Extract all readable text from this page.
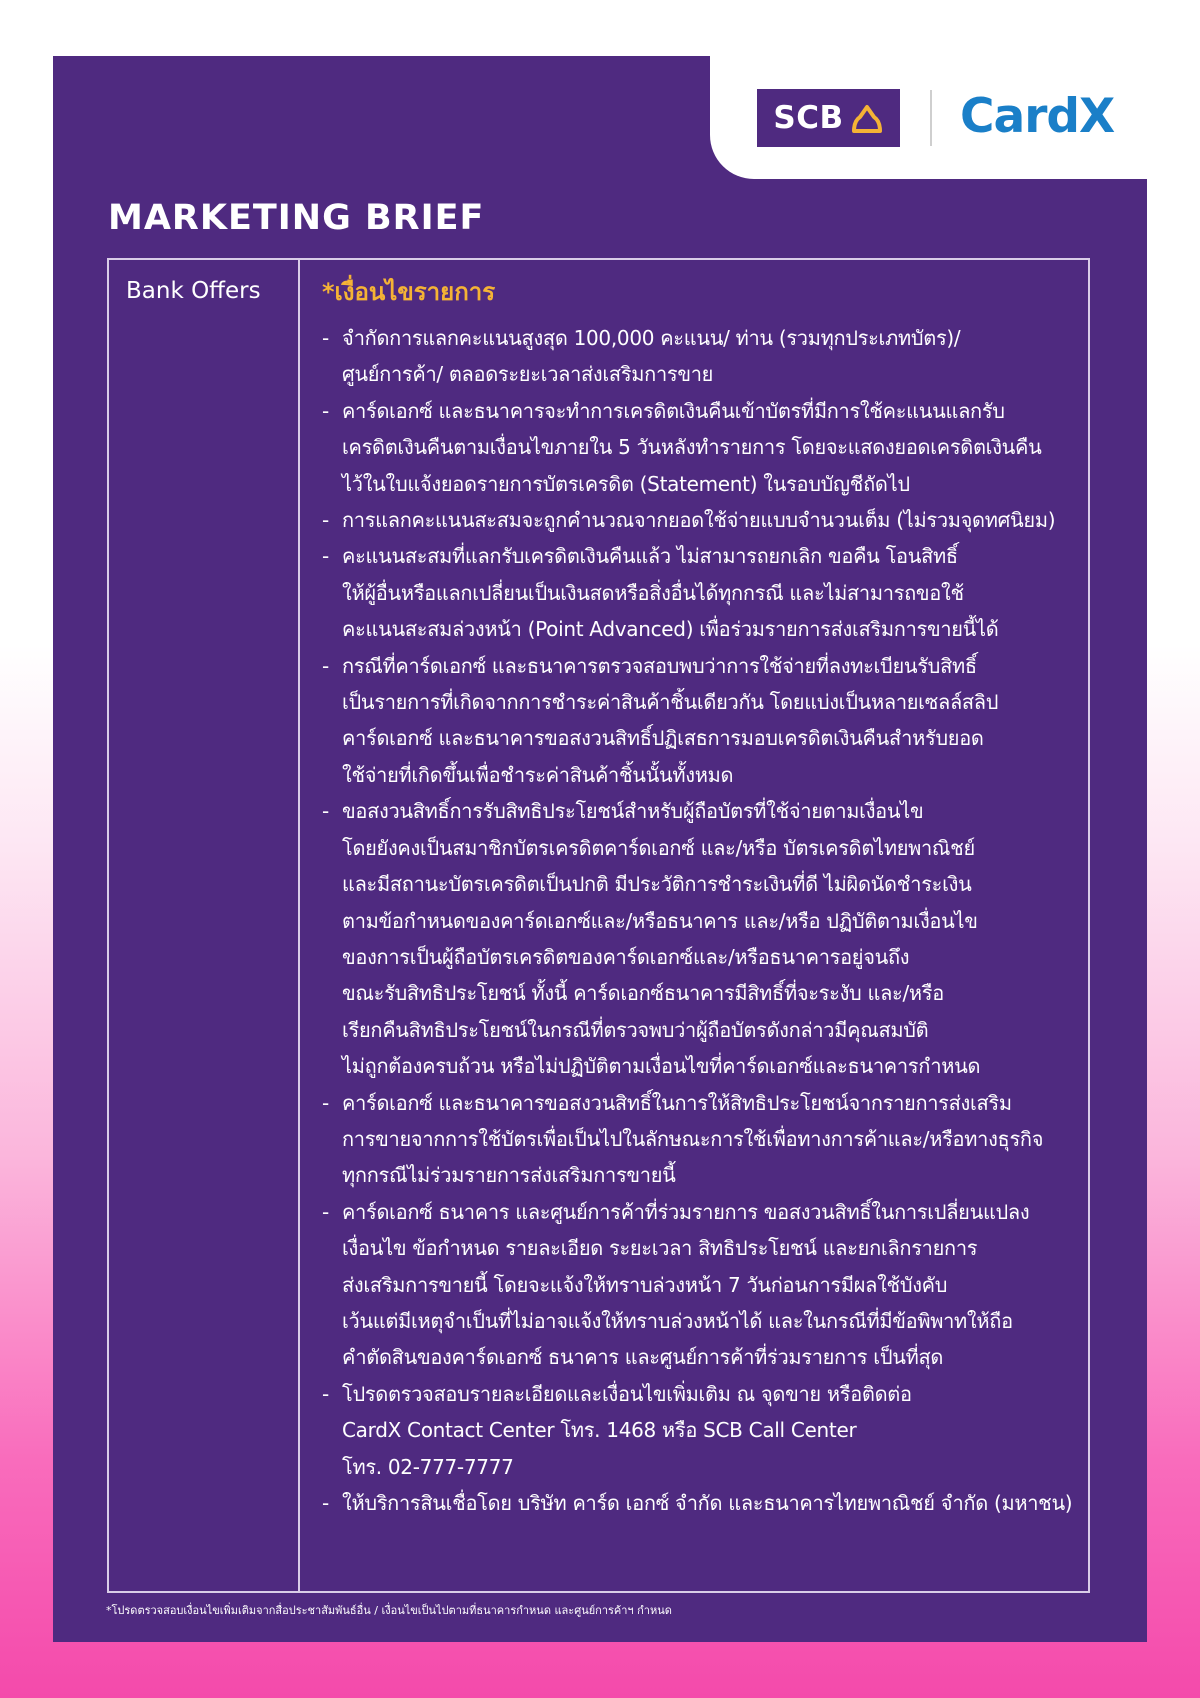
SCB CardX
MARKETING BRIEF
Bank Offers	*เงื่อนไขรายการ
- จำกัดการแลกคะแนนสูงสุด 100,000 คะแนน/ ท่าน (รวมทุกประเภทบัตร)/
ศูนย์การค้า/ ตลอดระยะเวลาส่งเสริมการขาย
- คาร์ดเอกซ์ และธนาคารจะทำการเครดิตเงินคืนเข้าบัตรที่มีการใช้คะแนนแลกรับ
เครดิตเงินคืนตามเงื่อนไขภายใน 5 วันหลังทำรายการ โดยจะแสดงยอดเครดิตเงินคืน
ไว้ในใบแจ้งยอดรายการบัตรเครดิต (Statement) ในรอบบัญชีถัดไป
- การแลกคะแนนสะสมจะถูกคำนวณจากยอดใช้จ่ายแบบจำนวนเต็ม (ไม่รวมจุดทศนิยม)
- คะแนนสะสมที่แลกรับเครดิตเงินคืนแล้ว ไม่สามารถยกเลิก ขอคืน โอนสิทธิ์
ให้ผู้อื่นหรือแลกเปลี่ยนเป็นเงินสดหรือสิ่งอื่นได้ทุกกรณี และไม่สามารถขอใช้
คะแนนสะสมล่วงหน้า (Point Advanced) เพื่อร่วมรายการส่งเสริมการขายนี้ได้
- กรณีที่คาร์ดเอกซ์ และธนาคารตรวจสอบพบว่าการใช้จ่ายที่ลงทะเบียนรับสิทธิ์
เป็นรายการที่เกิดจากการชำระค่าสินค้าชิ้นเดียวกัน โดยแบ่งเป็นหลายเซลล์สลิป
คาร์ดเอกซ์ และธนาคารขอสงวนสิทธิ์ปฏิเสธการมอบเครดิตเงินคืนสำหรับยอด
ใช้จ่ายที่เกิดขึ้นเพื่อชำระค่าสินค้าชิ้นนั้นทั้งหมด
- ขอสงวนสิทธิ์การรับสิทธิประโยชน์สำหรับผู้ถือบัตรที่ใช้จ่ายตามเงื่อนไข
โดยยังคงเป็นสมาชิกบัตรเครดิตคาร์ดเอกซ์ และ/หรือ บัตรเครดิตไทยพาณิชย์
และมีสถานะบัตรเครดิตเป็นปกติ มีประวัติการชำระเงินที่ดี ไม่ผิดนัดชำระเงิน
ตามข้อกำหนดของคาร์ดเอกซ์และ/หรือธนาคาร และ/หรือ ปฏิบัติตามเงื่อนไข
ของการเป็นผู้ถือบัตรเครดิตของคาร์ดเอกซ์และ/หรือธนาคารอยู่จนถึง
ขณะรับสิทธิประโยชน์ ทั้งนี้ คาร์ดเอกซ์ธนาคารมีสิทธิ์ที่จะระงับ และ/หรือ
เรียกคืนสิทธิประโยชน์ในกรณีที่ตรวจพบว่าผู้ถือบัตรดังกล่าวมีคุณสมบัติ
ไม่ถูกต้องครบถ้วน หรือไม่ปฏิบัติตามเงื่อนไขที่คาร์ดเอกซ์และธนาคารกำหนด
- คาร์ดเอกซ์ และธนาคารขอสงวนสิทธิ์ในการให้สิทธิประโยชน์จากรายการส่งเสริม
การขายจากการใช้บัตรเพื่อเป็นไปในลักษณะการใช้เพื่อทางการค้าและ/หรือทางธุรกิจ
ทุกกรณีไม่ร่วมรายการส่งเสริมการขายนี้
- คาร์ดเอกซ์ ธนาคาร และศูนย์การค้าที่ร่วมรายการ ขอสงวนสิทธิ์ในการเปลี่ยนแปลง
เงื่อนไข ข้อกำหนด รายละเอียด ระยะเวลา สิทธิประโยชน์ และยกเลิกรายการ
ส่งเสริมการขายนี้ โดยจะแจ้งให้ทราบล่วงหน้า 7 วันก่อนการมีผลใช้บังคับ
เว้นแต่มีเหตุจำเป็นที่ไม่อาจแจ้งให้ทราบล่วงหน้าได้ และในกรณีที่มีข้อพิพาทให้ถือ
คำตัดสินของคาร์ดเอกซ์ ธนาคาร และศูนย์การค้าที่ร่วมรายการ เป็นที่สุด
- โปรดตรวจสอบรายละเอียดและเงื่อนไขเพิ่มเติม ณ จุดขาย หรือติดต่อ
CardX Contact Center โทร. 1468 หรือ SCB Call Center
โทร. 02-777-7777
- ให้บริการสินเชื่อโดย บริษัท คาร์ด เอกซ์ จำกัด และธนาคารไทยพาณิชย์ จำกัด (มหาชน)
*โปรดตรวจสอบเงื่อนไขเพิ่มเติมจากสื่อประชาสัมพันธ์อื่น / เงื่อนไขเป็นไปตามที่ธนาคารกำหนด และศูนย์การค้าฯ กำหนด
